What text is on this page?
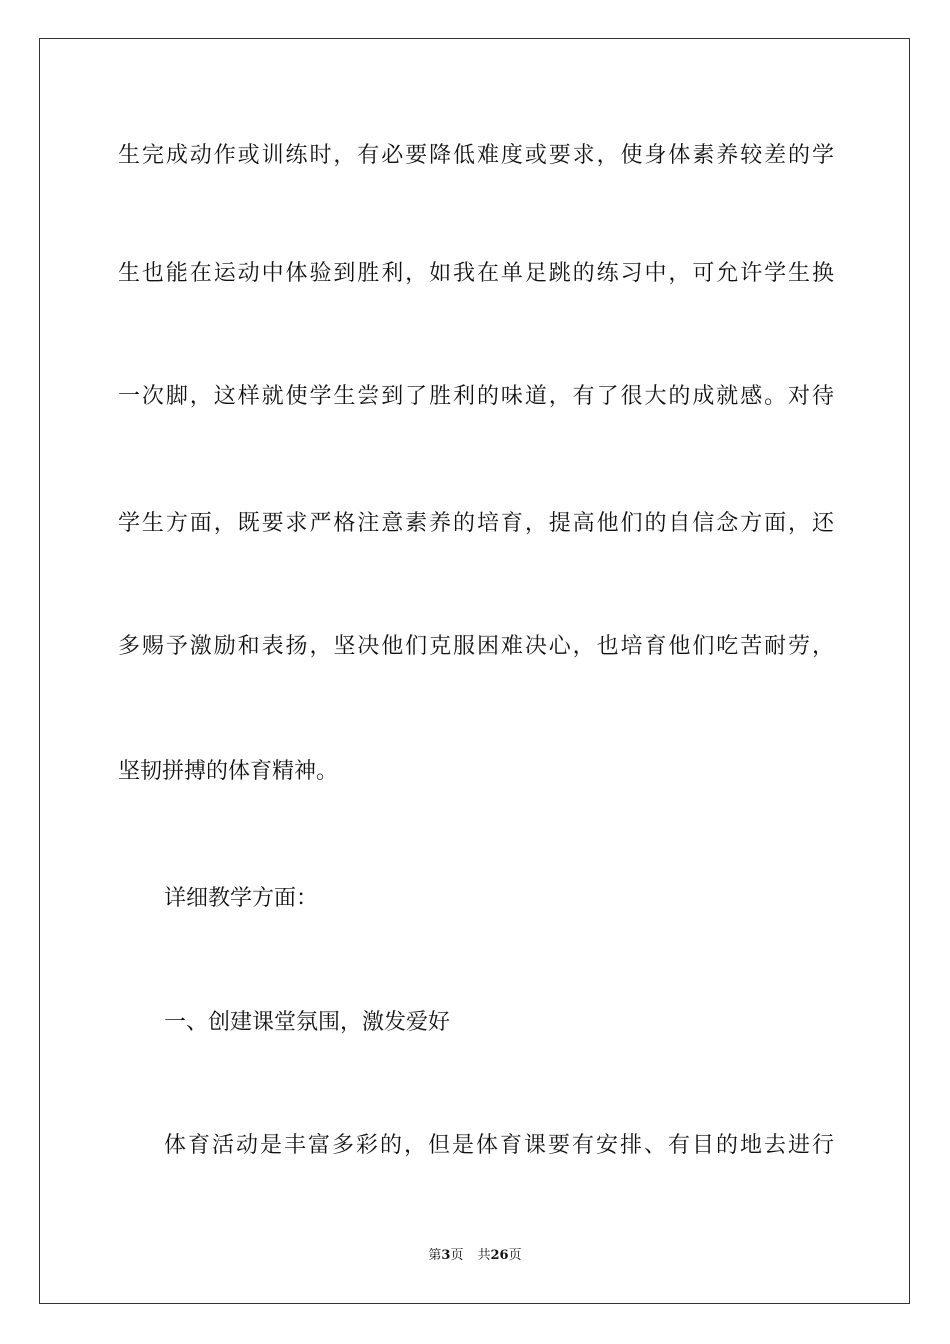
生完成动作或训练时，有必要降低难度或要求，使身体素养较差的学
生也能在运动中体验到胜利，如我在单足跳的练习中，可允许学生换
一次脚，这样就使学生尝到了胜利的味道，有了很大的成就感。对待
学生方面，既要求严格注意素养的培育，提高他们的自信念方面，还
多赐予激励和表扬，坚决他们克服困难决心，也培育他们吃苦耐劳，
坚韧拼搏的体育精神。
详细教学方面：
一、创建课堂氛围，激发爱好
体育活动是丰富多彩的，但是体育课要有安排、有目的地去进行
第3页 共26页
